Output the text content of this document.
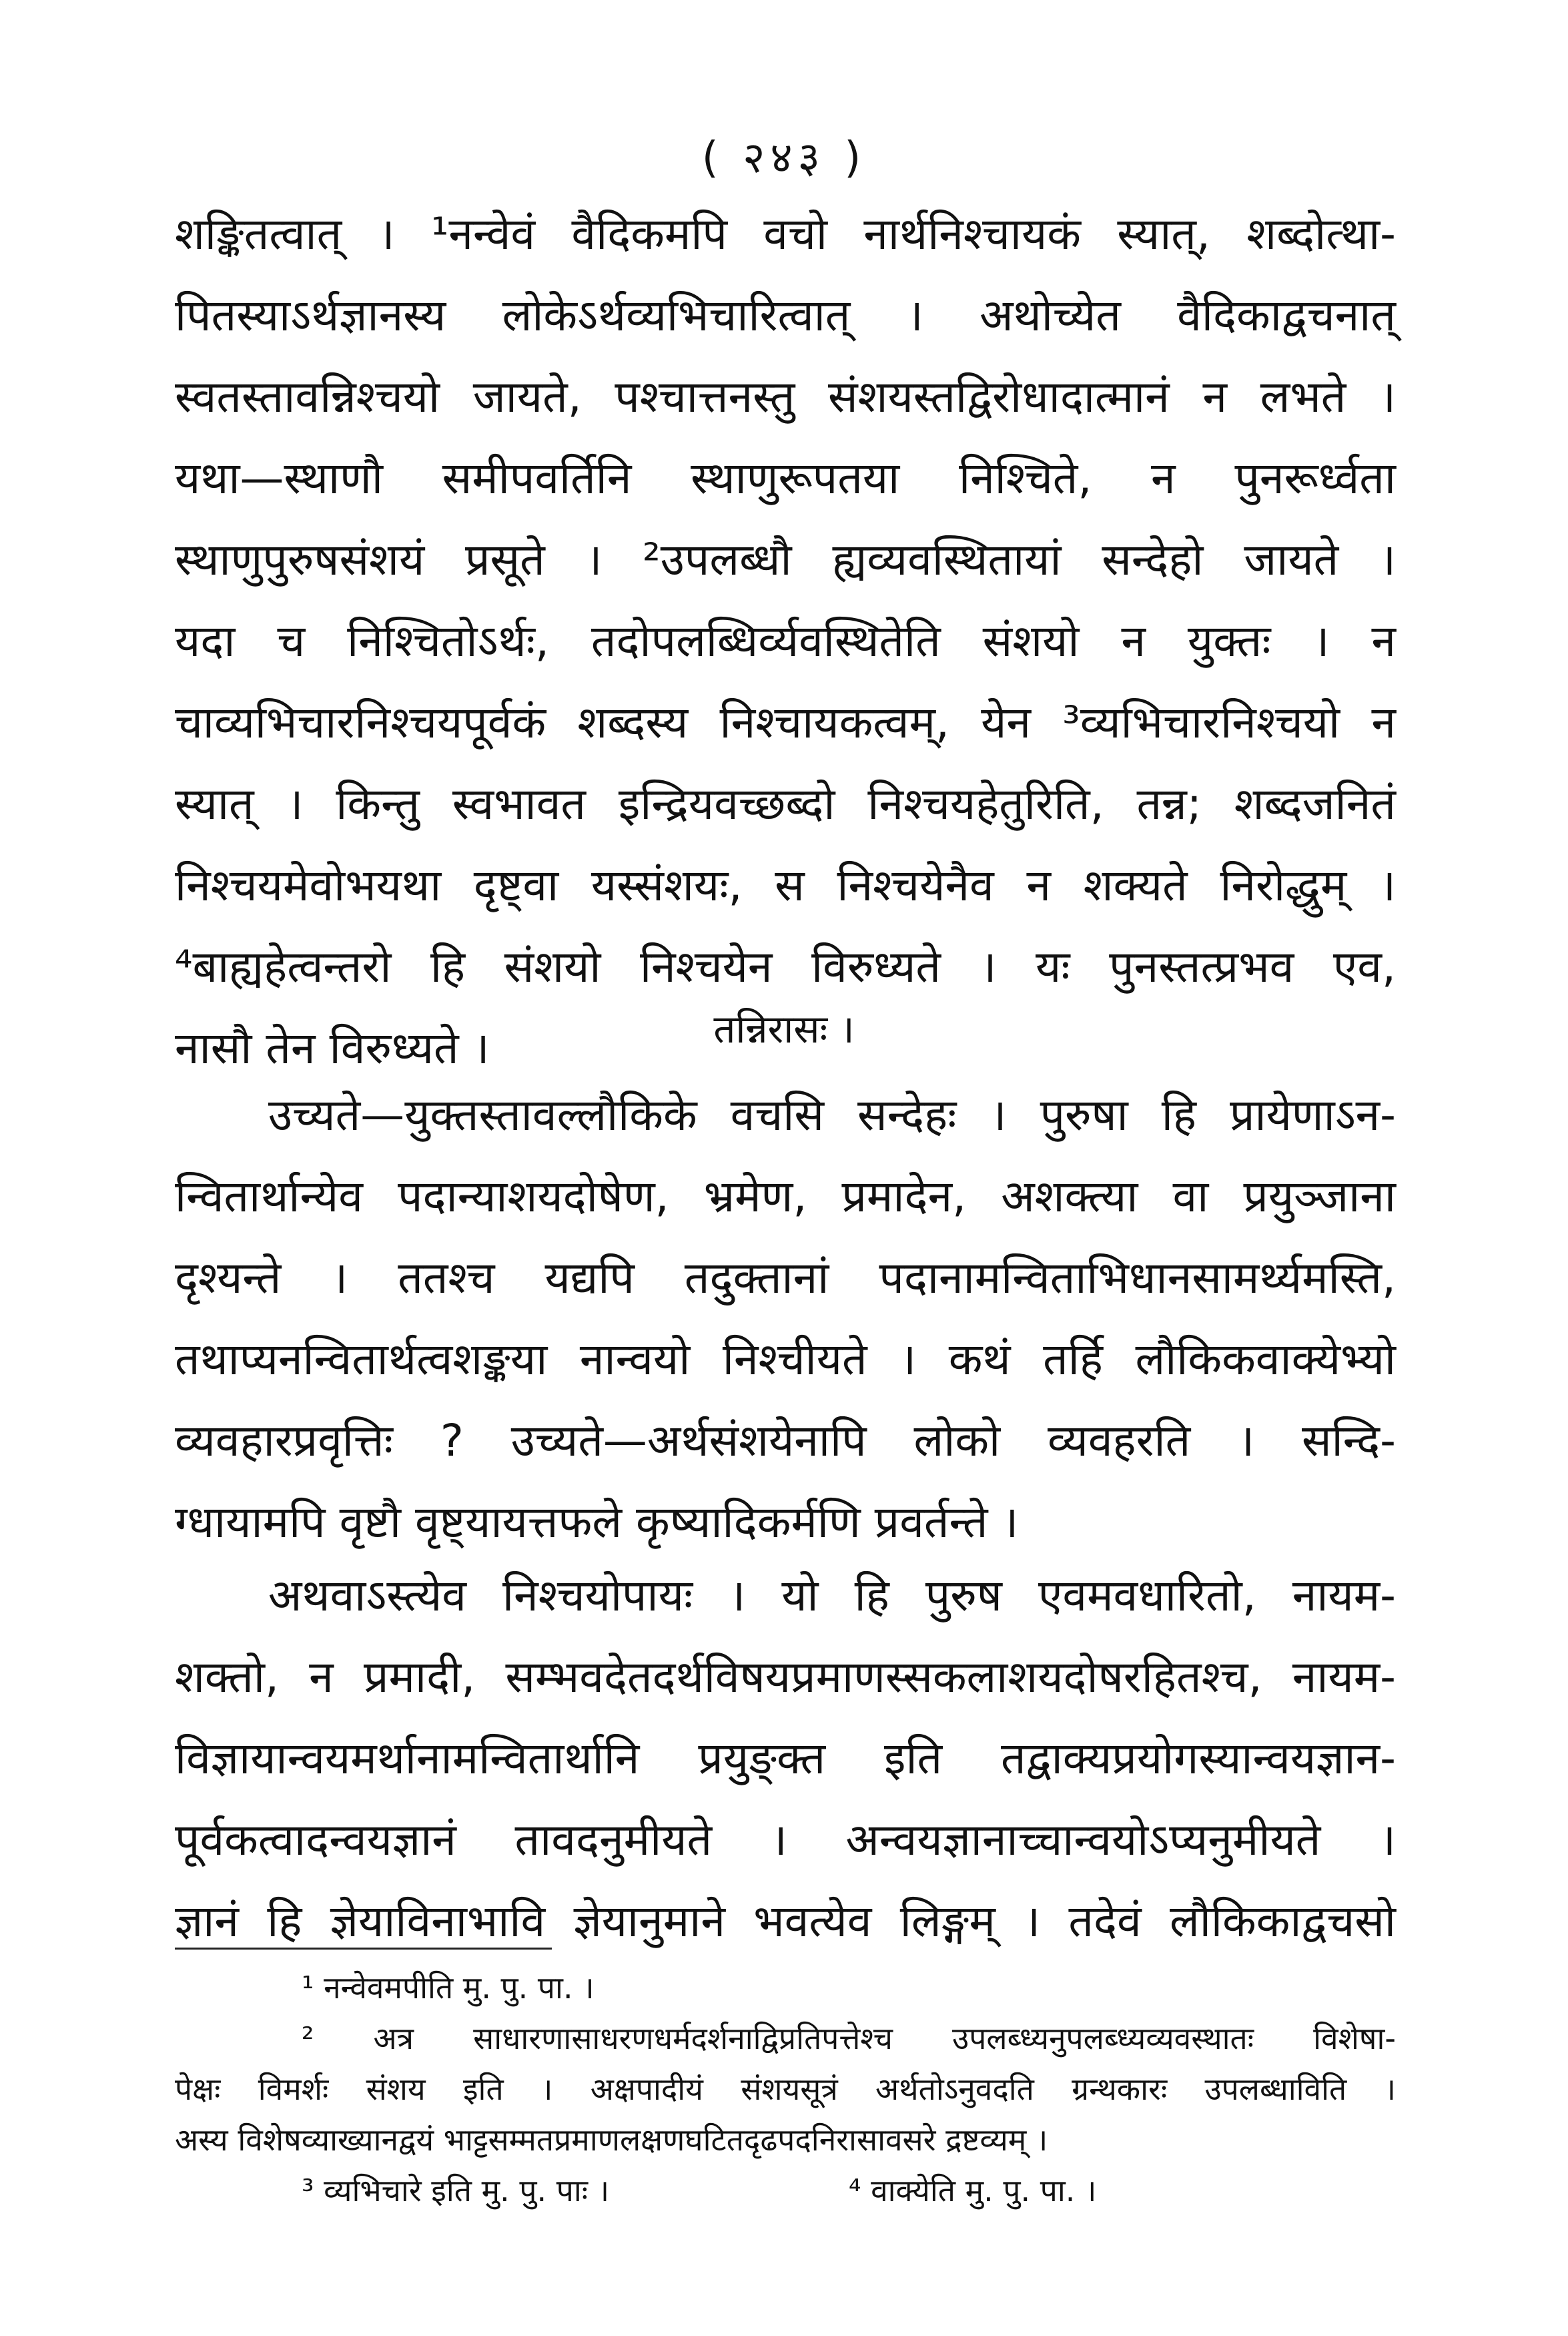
( २४३ )
शङ्कितत्वात् । ¹नन्वेवं वैदिकमपि वचो नार्थनिश्चायकं स्यात्, शब्दोत्था-
पितस्याऽर्थज्ञानस्य लोकेऽर्थव्यभिचारित्वात् । अथोच्येत वैदिकाद्वचनात्
स्वतस्तावन्निश्चयो जायते, पश्चात्तनस्तु संशयस्तद्विरोधादात्मानं न लभते ।
यथा—स्थाणौ समीपवर्तिनि स्थाणुरूपतया निश्चिते, न पुनरूर्ध्वता
स्थाणुपुरुषसंशयं प्रसूते । ²उपलब्धौ ह्यव्यवस्थितायां सन्देहो जायते ।
यदा च निश्चितोऽर्थः, तदोपलब्धिर्व्यवस्थितेति संशयो न युक्तः । न
चाव्यभिचारनिश्चयपूर्वकं शब्दस्य निश्चायकत्वम्, येन ³व्यभिचारनिश्चयो न
स्यात् । किन्तु स्वभावत इन्द्रियवच्छब्दो निश्चयहेतुरिति, तन्न; शब्दजनितं
निश्चयमेवोभयथा दृष्ट्वा यस्संशयः, स निश्चयेनैव न शक्यते निरोद्धुम् ।
⁴बाह्यहेत्वन्तरो हि संशयो निश्चयेन विरुध्यते । यः पुनस्तत्प्रभव एव,
नासौ तेन विरुध्यते ।	तन्निरासः ।
उच्यते—युक्तस्तावल्लौकिके वचसि सन्देहः । पुरुषा हि प्रायेणाऽन-
न्वितार्थान्येव पदान्याशयदोषेण, भ्रमेण, प्रमादेन, अशक्त्या वा प्रयुञ्जाना
दृश्यन्ते । ततश्च यद्यपि तदुक्तानां पदानामन्विताभिधानसामर्थ्यमस्ति,
तथाप्यनन्वितार्थत्वशङ्कया नान्वयो निश्चीयते । कथं तर्हि लौकिकवाक्येभ्यो
व्यवहारप्रवृत्तिः ? उच्यते—अर्थसंशयेनापि लोको व्यवहरति । सन्दि-
ग्धायामपि वृष्टौ वृष्ट्यायत्तफले कृष्यादिकर्मणि प्रवर्तन्ते ।
अथवाऽस्त्येव निश्चयोपायः । यो हि पुरुष एवमवधारितो, नायम-
शक्तो, न प्रमादी, सम्भवदेतदर्थविषयप्रमाणस्सकलाशयदोषरहितश्च, नायम-
विज्ञायान्वयमर्थानामन्वितार्थानि प्रयुङ्क्त इति तद्वाक्यप्रयोगस्यान्वयज्ञान-
पूर्वकत्वादन्वयज्ञानं तावदनुमीयते । अन्वयज्ञानाच्चान्वयोऽप्यनुमीयते ।
ज्ञानं हि ज्ञेयाविनाभावि ज्ञेयानुमाने भवत्येव लिङ्गम् । तदेवं लौकिकाद्वचसो
¹ नन्वेवमपीति मु. पु. पा. ।
² अत्र साधारणासाधरणधर्मदर्शनाद्विप्रतिपत्तेश्च उपलब्ध्यनुपलब्ध्यव्यवस्थातः विशेषा-
पेक्षः विमर्शः संशय इति । अक्षपादीयं संशयसूत्रं अर्थतोऽनुवदति ग्रन्थकारः उपलब्धाविति ।
अस्य विशेषव्याख्यानद्वयं भाट्टसम्मतप्रमाणलक्षणघटितदृढपदनिरासावसरे द्रष्टव्यम् ।
³ व्यभिचारे इति मु. पु. पाः ।	⁴ वाक्येति मु. पु. पा. ।
